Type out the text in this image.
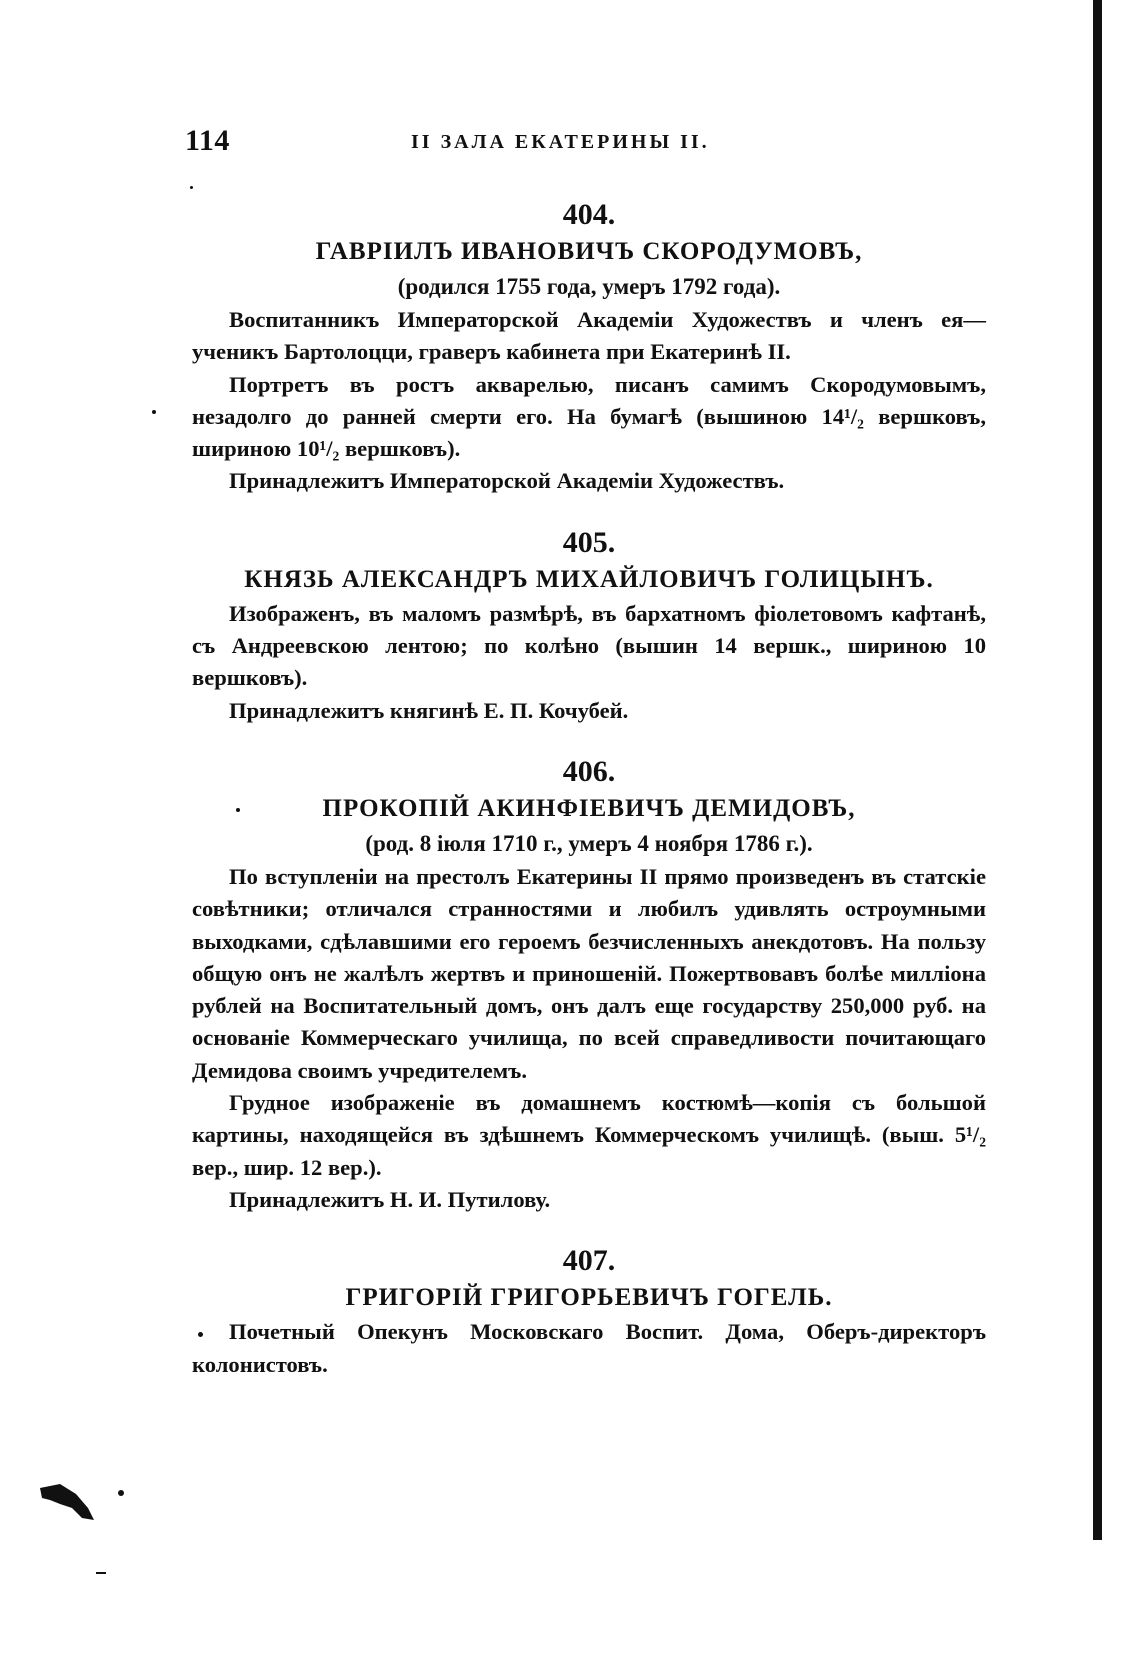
114	II ЗАЛА ЕКАТЕРИНЫ II.

404.

ГАВРІИЛЪ ИВАНОВИЧЪ СКОРОДУМОВЪ,

(родился 1755 года, умеръ 1792 года).

Воспитанникъ Императорской Академіи Художествъ и членъ ея—ученикъ Бартолоцци, граверъ кабинета при Екатеринѣ II.

Портретъ въ ростъ акварелью, писанъ самимъ Скородумовымъ, незадолго до ранней смерти его. На бумагѣ (вышиною 14¹/₂ вершковъ, шириною 10¹/₂ вершковъ).

Принадлежитъ Императорской Академіи Художествъ.

405.

КНЯЗЬ АЛЕКСАНДРЪ МИХАЙЛОВИЧЪ ГОЛИЦЫНЪ.

Изображенъ, въ маломъ размѣрѣ, въ бархатномъ фіолетовомъ кафтанѣ, съ Андреевскою лентою; по колѣно (вышин 14 вершк., шириною 10 вершковъ).

Принадлежитъ княгинѣ Е. П. Кочубей.

406.

ПРОКОПІЙ АКИНФІЕВИЧЪ ДЕМИДОВЪ,

(род. 8 іюля 1710 г., умеръ 4 ноября 1786 г.).

По вступленіи на престолъ Екатерины II прямо произведенъ въ статскіе совѣтники; отличался странностями и любилъ удивлять остроумными выходками, сдѣлавшими его героемъ безчисленныхъ анекдотовъ. На пользу общую онъ не жалѣлъ жертвъ и приношеній. Пожертвовавъ болѣе милліона рублей на Воспитательный домъ, онъ далъ еще государству 250,000 руб. на основаніе Коммерческаго училища, по всей справедливости почитающаго Демидова своимъ учредителемъ.

Грудное изображеніе въ домашнемъ костюмѣ—копія съ большой картины, находящейся въ здѣшнемъ Коммерческомъ училищѣ. (выш. 5¹/₂ вер., шир. 12 вер.).

Принадлежитъ Н. И. Путилову.

407.

ГРИГОРІЙ ГРИГОРЬЕВИЧЪ ГОГЕЛЬ.

Почетный Опекунъ Московскаго Воспит. Дома, Оберъ-директоръ колонистовъ.
